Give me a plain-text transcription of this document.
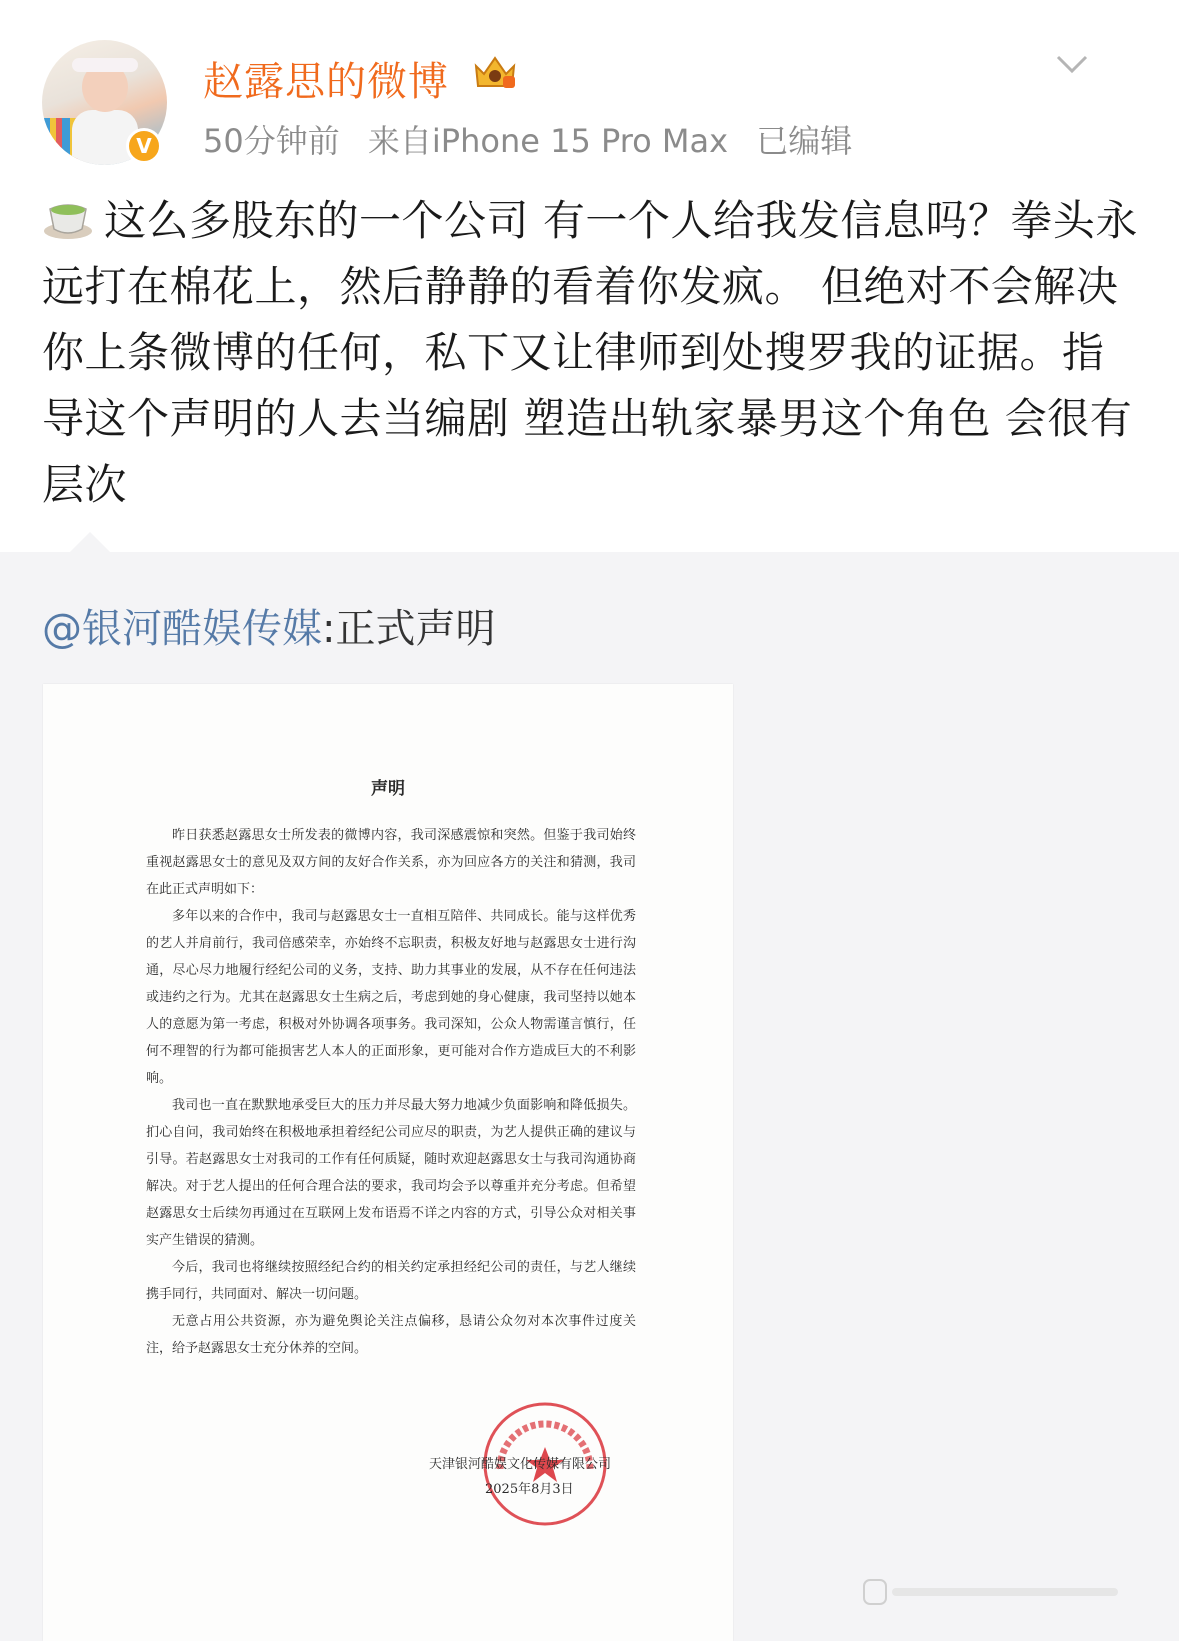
V
赵露思的微博
50分钟前 来自iPhone 15 Pro Max 已编辑
这么多股东的一个公司 有一个人给我发信息吗？拳头永远打在棉花上，然后静静的看着你发疯。 但绝对不会解决你上条微博的任何，私下又让律师到处搜罗我的证据。指导这个声明的人去当编剧 塑造出轨家暴男这个角色 会很有层次
@银河酷娱传媒:正式声明
声明

昨日获悉赵露思女士所发表的微博内容，我司深感震惊和突然。但鉴于我司始终重视赵露思女士的意见及双方间的友好合作关系，亦为回应各方的关注和猜测，我司在此正式声明如下：

多年以来的合作中，我司与赵露思女士一直相互陪伴、共同成长。能与这样优秀的艺人并肩前行，我司倍感荣幸，亦始终不忘职责，积极友好地与赵露思女士进行沟通，尽心尽力地履行经纪公司的义务，支持、助力其事业的发展，从不存在任何违法或违约之行为。尤其在赵露思女士生病之后，考虑到她的身心健康，我司坚持以她本人的意愿为第一考虑，积极对外协调各项事务。我司深知，公众人物需谨言慎行，任何不理智的行为都可能损害艺人本人的正面形象，更可能对合作方造成巨大的不利影响。

我司也一直在默默地承受巨大的压力并尽最大努力地减少负面影响和降低损失。扪心自问，我司始终在积极地承担着经纪公司应尽的职责，为艺人提供正确的建议与引导。若赵露思女士对我司的工作有任何质疑，随时欢迎赵露思女士与我司沟通协商解决。对于艺人提出的任何合理合法的要求，我司均会予以尊重并充分考虑。但希望赵露思女士后续勿再通过在互联网上发布语焉不详之内容的方式，引导公众对相关事实产生错误的猜测。

今后，我司也将继续按照经纪合约的相关约定承担经纪公司的责任，与艺人继续携手同行，共同面对、解决一切问题。

无意占用公共资源，亦为避免舆论关注点偏移，恳请公众勿对本次事件过度关注，给予赵露思女士充分休养的空间。

天津银河酷娱文化传媒有限公司
2025年8月3日
